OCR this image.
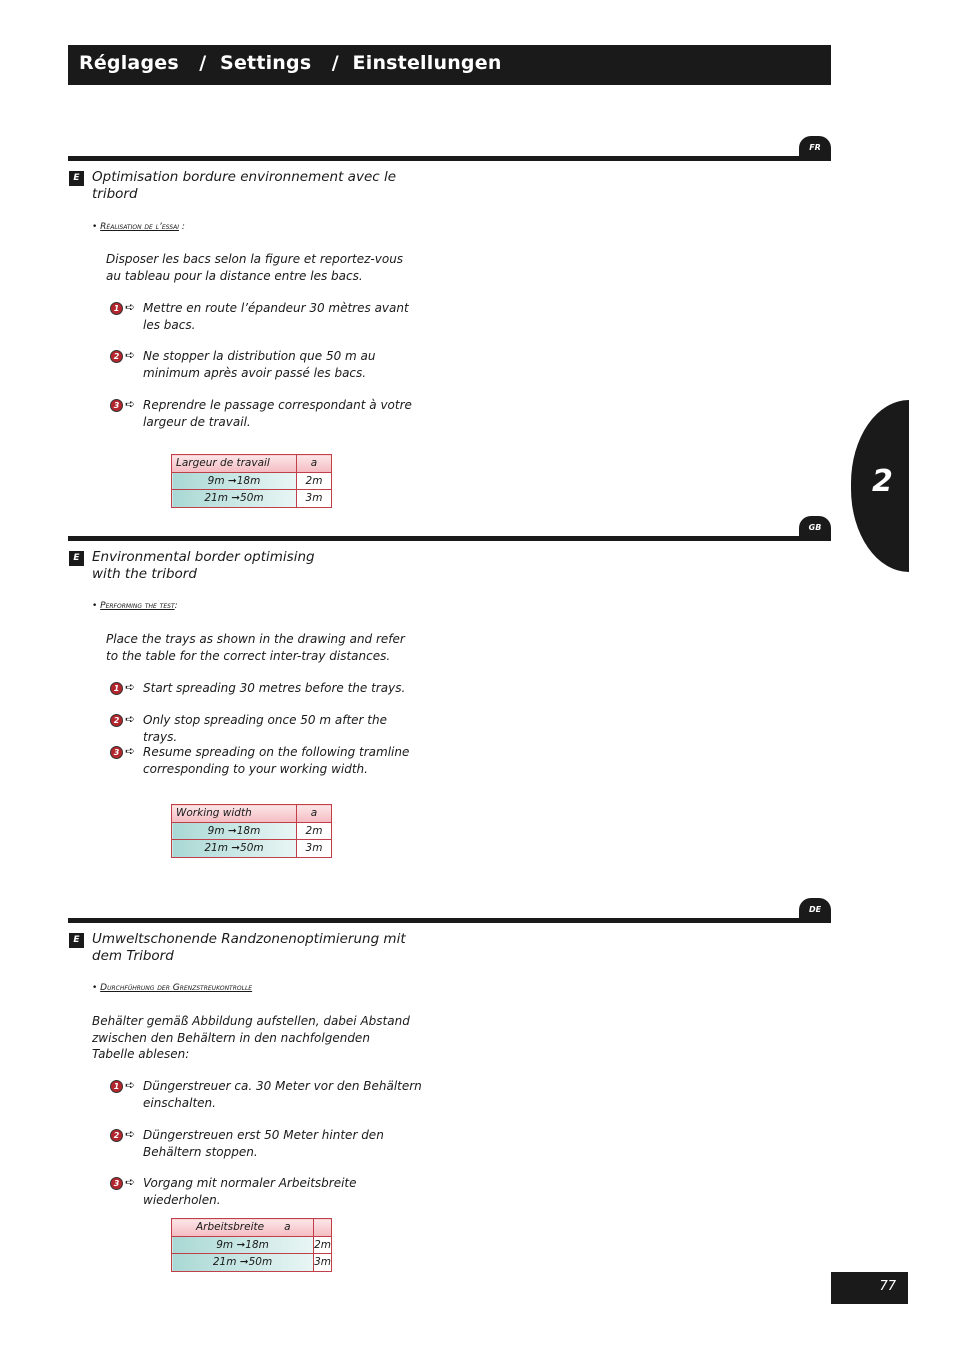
Réglages   /  Settings   /  Einstellungen
2
FR
E Optimisation bordure environnement avec le tribord
• Réalisation de l’essai :
Disposer les bacs selon la figure et reportez-vous au tableau pour la distance entre les bacs.
1 ➪ Mettre en route l’épandeur 30 mètres avant les bacs.
2 ➪ Ne stopper la distribution que 50 m au minimum après avoir passé les bacs.
3 ➪ Reprendre le passage correspondant à votre largeur de travail.
Largeur de travail	a
9m ➞18m	2m
21m ➞50m	3m
GB
E Environmental border optimising with the tribord
• Performing the test:
Place the trays as shown in the drawing and refer to the table for the correct inter-tray distances.
1 ➪ Start spreading 30 metres before the trays.
2 ➪ Only stop spreading once 50 m after the trays.
3 ➪ Resume spreading on the following tramline corresponding to your working width.
Working width	a
9m ➞18m	2m
21m ➞50m	3m
DE
E Umweltschonende Randzonenoptimierung mit dem Tribord
• Durchführung der Grenzstreukontrolle
Behälter gemäß Abbildung aufstellen, dabei Abstand zwischen den Behältern in den nachfolgenden Tabelle ablesen:
1 ➪ Düngerstreuer ca. 30 Meter vor den Behältern einschalten.
2 ➪ Düngerstreuen erst 50 Meter hinter den Behältern stoppen.
3 ➪ Vorgang mit normaler Arbeitsbreite wiederholen.
Arbeitsbreite      a	
9m ➞18m	2m
21m ➞50m	3m
77
